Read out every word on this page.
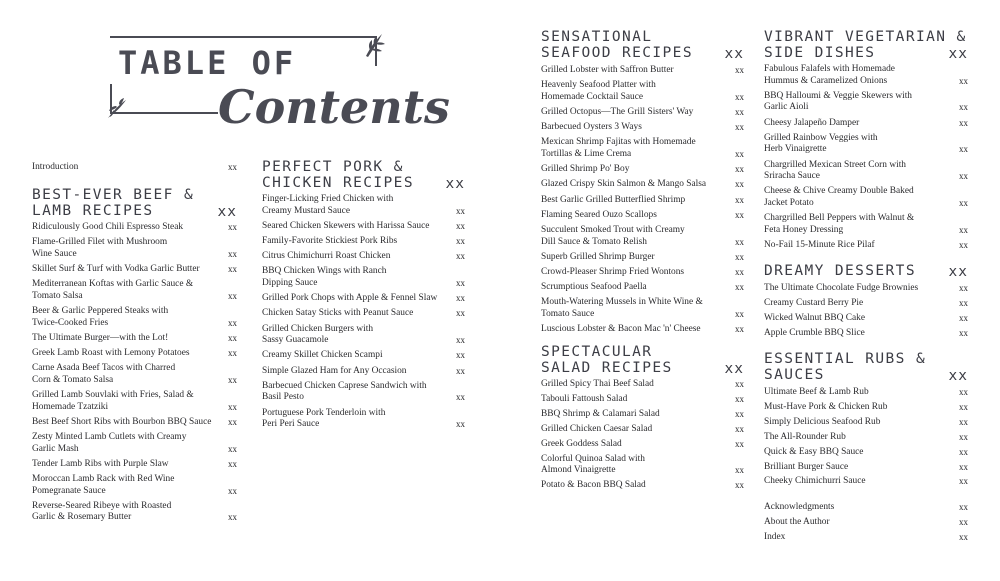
TABLE OF
Contents
Introduction	xx
BEST-EVER BEEF &
LAMB RECIPES	xx
Ridiculously Good Chili Espresso Steak	xx
Flame-Grilled Filet with Mushroom
Wine Sauce	xx
Skillet Surf & Turf with Vodka Garlic Butter	xx
Mediterranean Koftas with Garlic Sauce &
Tomato Salsa	xx
Beer & Garlic Peppered Steaks with
Twice-Cooked Fries	xx
The Ultimate Burger—with the Lot!	xx
Greek Lamb Roast with Lemony Potatoes	xx
Carne Asada Beef Tacos with Charred
Corn & Tomato Salsa	xx
Grilled Lamb Souvlaki with Fries, Salad &
Homemade Tzatziki	xx
Best Beef Short Ribs with Bourbon BBQ Sauce	xx
Zesty Minted Lamb Cutlets with Creamy
Garlic Mash	xx
Tender Lamb Ribs with Purple Slaw	xx
Moroccan Lamb Rack with Red Wine
Pomegranate Sauce	xx
Reverse-Seared Ribeye with Roasted
Garlic & Rosemary Butter	xx
PERFECT PORK &
CHICKEN RECIPES	xx
Finger-Licking Fried Chicken with
Creamy Mustard Sauce	xx
Seared Chicken Skewers with Harissa Sauce	xx
Family-Favorite Stickiest Pork Ribs	xx
Citrus Chimichurri Roast Chicken	xx
BBQ Chicken Wings with Ranch
Dipping Sauce	xx
Grilled Pork Chops with Apple & Fennel Slaw	xx
Chicken Satay Sticks with Peanut Sauce	xx
Grilled Chicken Burgers with
Sassy Guacamole	xx
Creamy Skillet Chicken Scampi	xx
Simple Glazed Ham for Any Occasion	xx
Barbecued Chicken Caprese Sandwich with
Basil Pesto	xx
Portuguese Pork Tenderloin with
Peri Peri Sauce	xx
SENSATIONAL
SEAFOOD RECIPES	xx
Grilled Lobster with Saffron Butter	xx
Heavenly Seafood Platter with
Homemade Cocktail Sauce	xx
Grilled Octopus—The Grill Sisters' Way	xx
Barbecued Oysters 3 Ways	xx
Mexican Shrimp Fajitas with Homemade
Tortillas & Lime Crema	xx
Grilled Shrimp Po' Boy	xx
Glazed Crispy Skin Salmon & Mango Salsa	xx
Best Garlic Grilled Butterflied Shrimp	xx
Flaming Seared Ouzo Scallops	xx
Succulent Smoked Trout with Creamy
Dill Sauce & Tomato Relish	xx
Superb Grilled Shrimp Burger	xx
Crowd-Pleaser Shrimp Fried Wontons	xx
Scrumptious Seafood Paella	xx
Mouth-Watering Mussels in White Wine &
Tomato Sauce	xx
Luscious Lobster & Bacon Mac 'n' Cheese	xx
SPECTACULAR
SALAD RECIPES	xx
Grilled Spicy Thai Beef Salad	xx
Tabouli Fattoush Salad	xx
BBQ Shrimp & Calamari Salad	xx
Grilled Chicken Caesar Salad	xx
Greek Goddess Salad	xx
Colorful Quinoa Salad with
Almond Vinaigrette	xx
Potato & Bacon BBQ Salad	xx
VIBRANT VEGETARIAN &
SIDE DISHES	xx
Fabulous Falafels with Homemade
Hummus & Caramelized Onions	xx
BBQ Halloumi & Veggie Skewers with
Garlic Aioli	xx
Cheesy Jalapeño Damper	xx
Grilled Rainbow Veggies with
Herb Vinaigrette	xx
Chargrilled Mexican Street Corn with
Sriracha Sauce	xx
Cheese & Chive Creamy Double Baked
Jacket Potato	xx
Chargrilled Bell Peppers with Walnut &
Feta Honey Dressing	xx
No-Fail 15-Minute Rice Pilaf	xx
DREAMY DESSERTS	xx
The Ultimate Chocolate Fudge Brownies	xx
Creamy Custard Berry Pie	xx
Wicked Walnut BBQ Cake	xx
Apple Crumble BBQ Slice	xx
ESSENTIAL RUBS &
SAUCES	xx
Ultimate Beef & Lamb Rub	xx
Must-Have Pork & Chicken Rub	xx
Simply Delicious Seafood Rub	xx
The All-Rounder Rub	xx
Quick & Easy BBQ Sauce	xx
Brilliant Burger Sauce	xx
Cheeky Chimichurri Sauce	xx
Acknowledgments	xx
About the Author	xx
Index	xx
